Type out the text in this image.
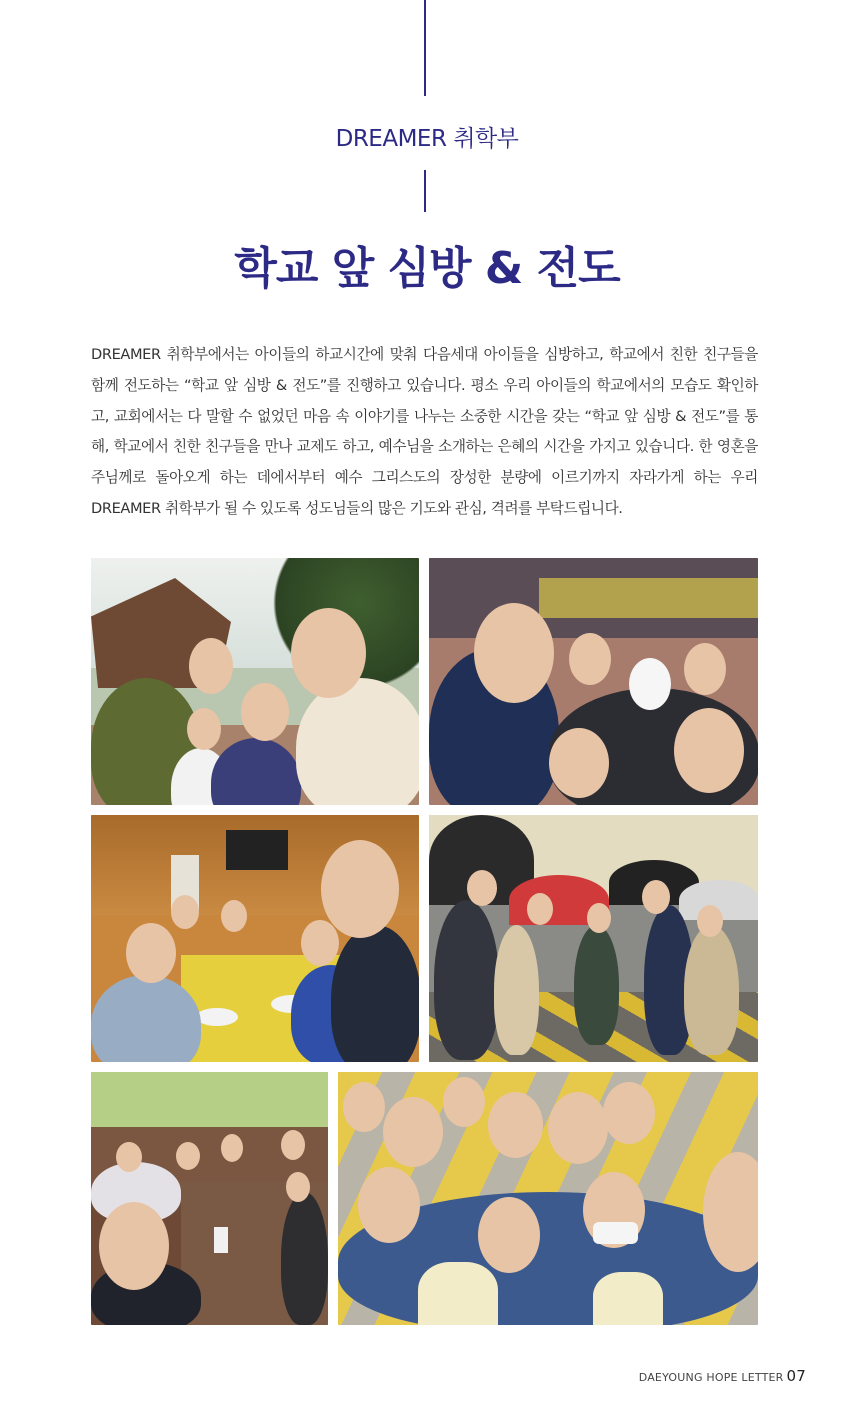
DREAMER 취학부
학교 앞 심방 & 전도
DREAMER 취학부에서는 아이들의 하교시간에 맞춰 다음세대 아이들을 심방하고, 학교에서 친한 친구들을 함께 전도하는 “학교 앞 심방 & 전도”를 진행하고 있습니다. 평소 우리 아이들의 학교에서의 모습도 확인하고, 교회에서는 다 말할 수 없었던 마음 속 이야기를 나누는 소중한 시간을 갖는 “학교 앞 심방 & 전도”를 통해, 학교에서 친한 친구들을 만나 교제도 하고, 예수님을 소개하는 은혜의 시간을 가지고 있습니다. 한 영혼을 주님께로 돌아오게 하는 데에서부터 예수 그리스도의 장성한 분량에 이르기까지 자라가게 하는 우리 DREAMER 취학부가 될 수 있도록 성도님들의 많은 기도와 관심, 격려를 부탁드립니다.
DAEYOUNG HOPE LETTER 07
